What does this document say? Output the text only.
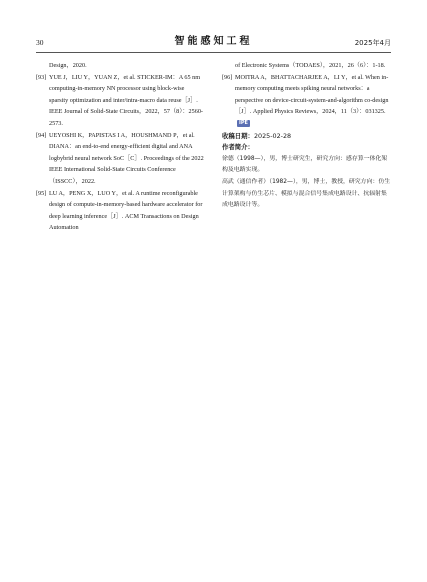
30	智能感知工程	2025年4月
Design，2020.
[93] YUE J，LIU Y，YUAN Z，et al. STICKER-IM：A 65 nm computing-in-memory NN processor using block-wise sparsity optimization and inter/intra-macro data reuse［J］. IEEE Journal of Solid-State Circuits，2022，57（8）：2560-2573.
[94] UEYOSHI K，PAPISTAS I A，HOUSHMAND P，et al. DIANA：an end-to-end energy-efficient digital and ANA logbybrid neural network SoC［C］. Proceedings of the 2022 IEEE International Solid-State Circuits Conference（ISSCC），2022.
[95] LU A，PENG X，LUO Y，et al. A runtime reconfigurable design of compute-in-memory-based hardware accelerator for deep learning inference［J］. ACM Transactions on Design Automation
of Electronic Systems（TODAES），2021，26（6）：1-18.
[96] MOITRA A，BHATTACHARJEE A，LI Y，et al. When in-memory computing meets spiking neural networks：a perspective on device-circuit-system-and-algorithm co-design［J］. Applied Physics Reviews，2024，11（3）：031325.IPE
收稿日期：2025-02-28
作者简介：
徐德（1998—），男，博士研究生，研究方向：感存算一体化架构及电路实现。
高武（通信作者）（1982—），男，博士，教授，研究方向：仿生计算架构与仿生芯片、模拟与混合信号集成电路设计、抗辐射集成电路设计等。
